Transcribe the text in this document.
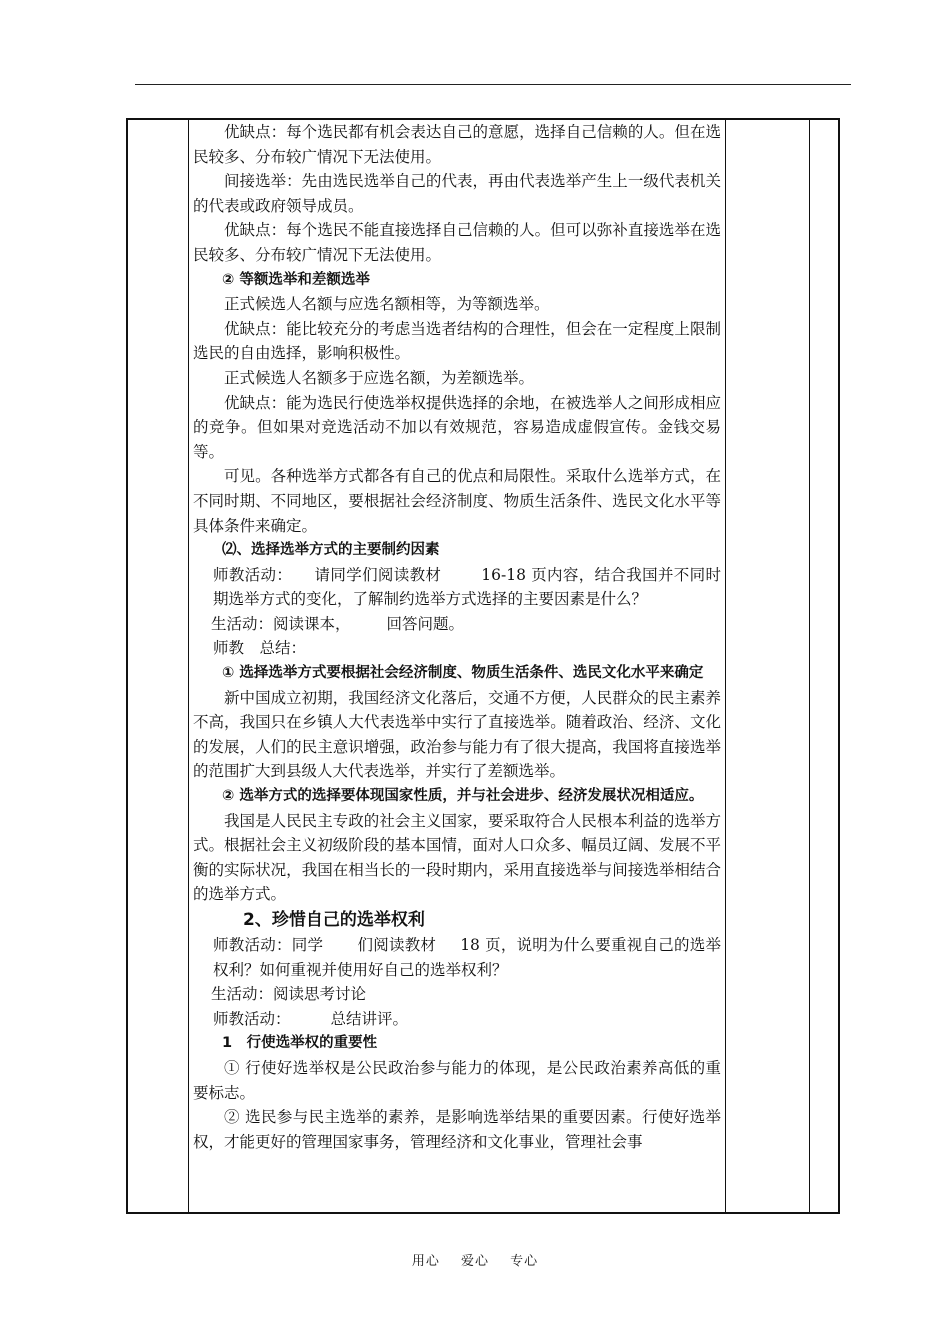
优缺点：每个选民都有机会表达自己的意愿，选择自己信赖的人。但在选民较多、分布较广情况下无法使用。

间接选举：先由选民选举自己的代表，再由代表选举产生上一级代表机关的代表或政府领导成员。

优缺点：每个选民不能直接选择自己信赖的人。但可以弥补直接选举在选民较多、分布较广情况下无法使用。

② 等额选举和差额选举

正式候选人名额与应选名额相等，为等额选举。

优缺点：能比较充分的考虑当选者结构的合理性，但会在一定程度上限制选民的自由选择，影响积极性。

正式候选人名额多于应选名额，为差额选举。

优缺点：能为选民行使选举权提供选择的余地，在被选举人之间形成相应的竞争。但如果对竞选活动不加以有效规范，容易造成虚假宣传。金钱交易等。

可见。各种选举方式都各有自己的优点和局限性。采取什么选举方式，在不同时期、不同地区，要根据社会经济制度、物质生活条件、选民文化水平等具体条件来确定。

⑵、选择选举方式的主要制约因素

师教活动： 请同学们阅读教材	16-18 页内容，结合我国并不同时期选举方式的变化，了解制约选举方式选择的主要因素是什么？

生活动：阅读课本， 回答问题。

师教　总结：

① 选择选举方式要根据社会经济制度、物质生活条件、选民文化水平来确定

新中国成立初期，我国经济文化落后，交通不方便，人民群众的民主素养不高，我国只在乡镇人大代表选举中实行了直接选举。随着政治、经济、文化的发展，人们的民主意识增强，政治参与能力有了很大提高，我国将直接选举的范围扩大到县级人大代表选举，并实行了差额选举。

② 选举方式的选择要体现国家性质，并与社会进步、经济发展状况相适应。

我国是人民民主专政的社会主义国家，要采取符合人民根本利益的选举方式。根据社会主义初级阶段的基本国情，面对人口众多、幅员辽阔、发展不平衡的实际状况，我国在相当长的一段时期内，采用直接选举与间接选举相结合的选举方式。

2、珍惜自己的选举权利

师教活动：同学 们阅读教材 18 页，说明为什么要重视自己的选举权利？如何重视并使用好自己的选举权利？

生活动：阅读思考讨论

师教活动：	总结讲评。

1　行使选举权的重要性

① 行使好选举权是公民政治参与能力的体现，是公民政治素养高低的重要标志。

② 选民参与民主选举的素养，是影响选举结果的重要因素。行使好选举权，才能更好的管理国家事务，管理经济和文化事业，管理社会事

用心 爱心 专心
